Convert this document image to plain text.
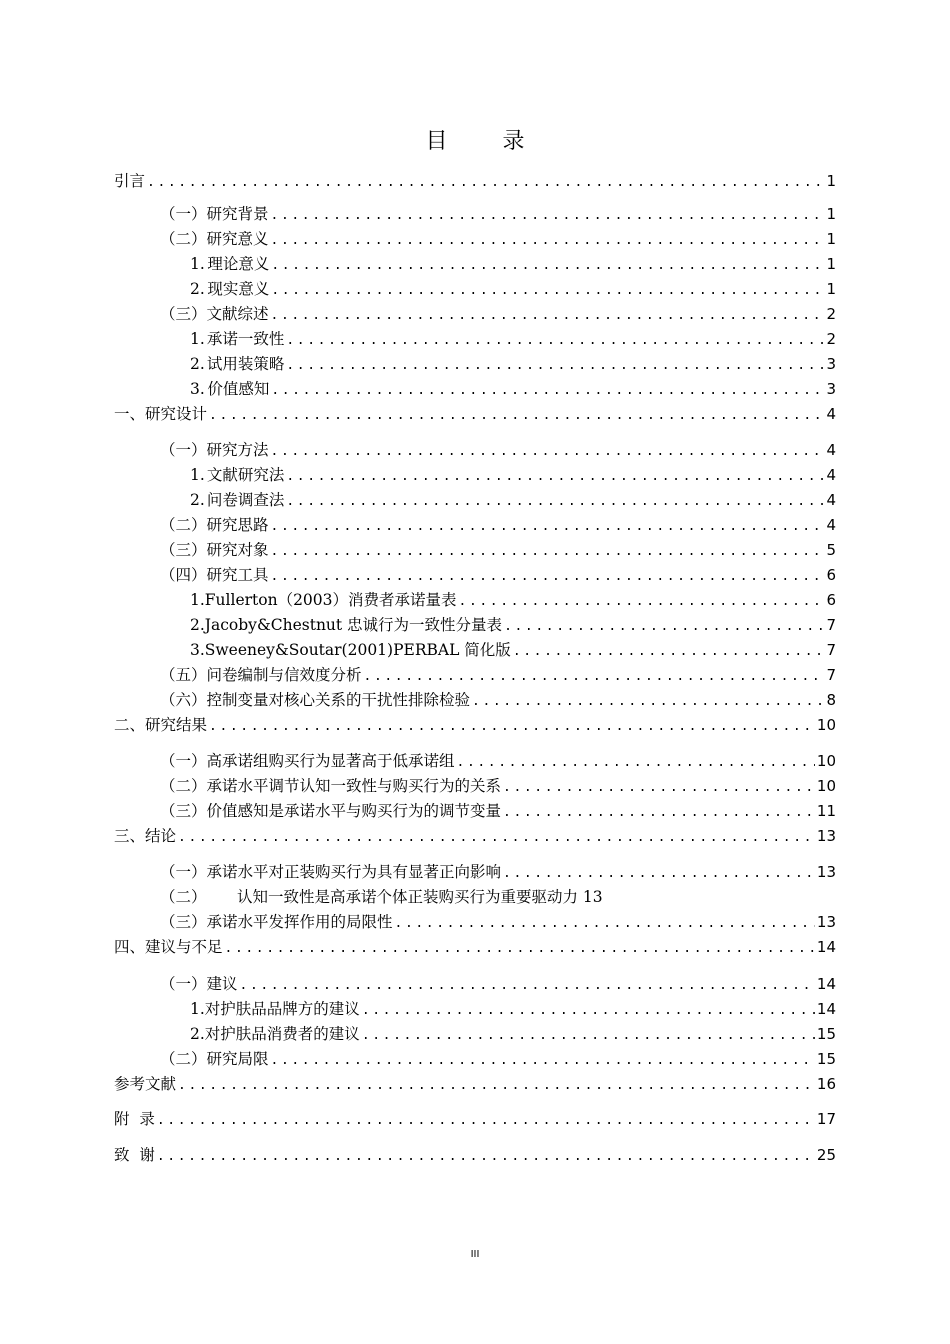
目 录
引言 .....	1
（一） 研究背景 .....	1
（二） 研究意义 .....	1
1. 理论意义 .....	1
2. 现实意义 .....	1
（三） 文献综述 .....	2
1. 承诺一致性 .....	2
2. 试用装策略 .....	3
3. 价值感知 .....	3
一、 研究设计 .....	4
（一） 研究方法 .....	4
1. 文献研究法 .....	4
2. 问卷调查法 .....	4
（二） 研究思路 .....	4
（三） 研究对象 .....	5
（四） 研究工具 .....	6
1. Fullerton（2003）消费者承诺量表 .....	6
2. Jacoby&Chestnut 忠诚行为一致性分量表 .....	7
3. Sweeney&Soutar(2001)PERBAL 简化版 .....	7
（五） 问卷编制与信效度分析 .....	7
（六） 控制变量对核心关系的干扰性排除检验 .....	8
二、 研究结果 .....	10
（一） 高承诺组购买行为显著高于低承诺组 .....	10
（二） 承诺水平调节认知一致性与购买行为的关系 .....	10
（三） 价值感知是承诺水平与购买行为的调节变量 .....	11
三、 结论 .....	13
（一） 承诺水平对正装购买行为具有显著正向影响 .....	13
（二）	认知一致性是高承诺个体正装购买行为重要驱动力 13
（三） 承诺水平发挥作用的局限性 .....	13
四、 建议与不足 .....	14
（一） 建议 .....	14
1. 对护肤品品牌方的建议 .....	14
2. 对护肤品消费者的建议 .....	15
（二） 研究局限 .....	15
参考文献 .....	16
附  录 .....	17
致  谢 .....	25
III
